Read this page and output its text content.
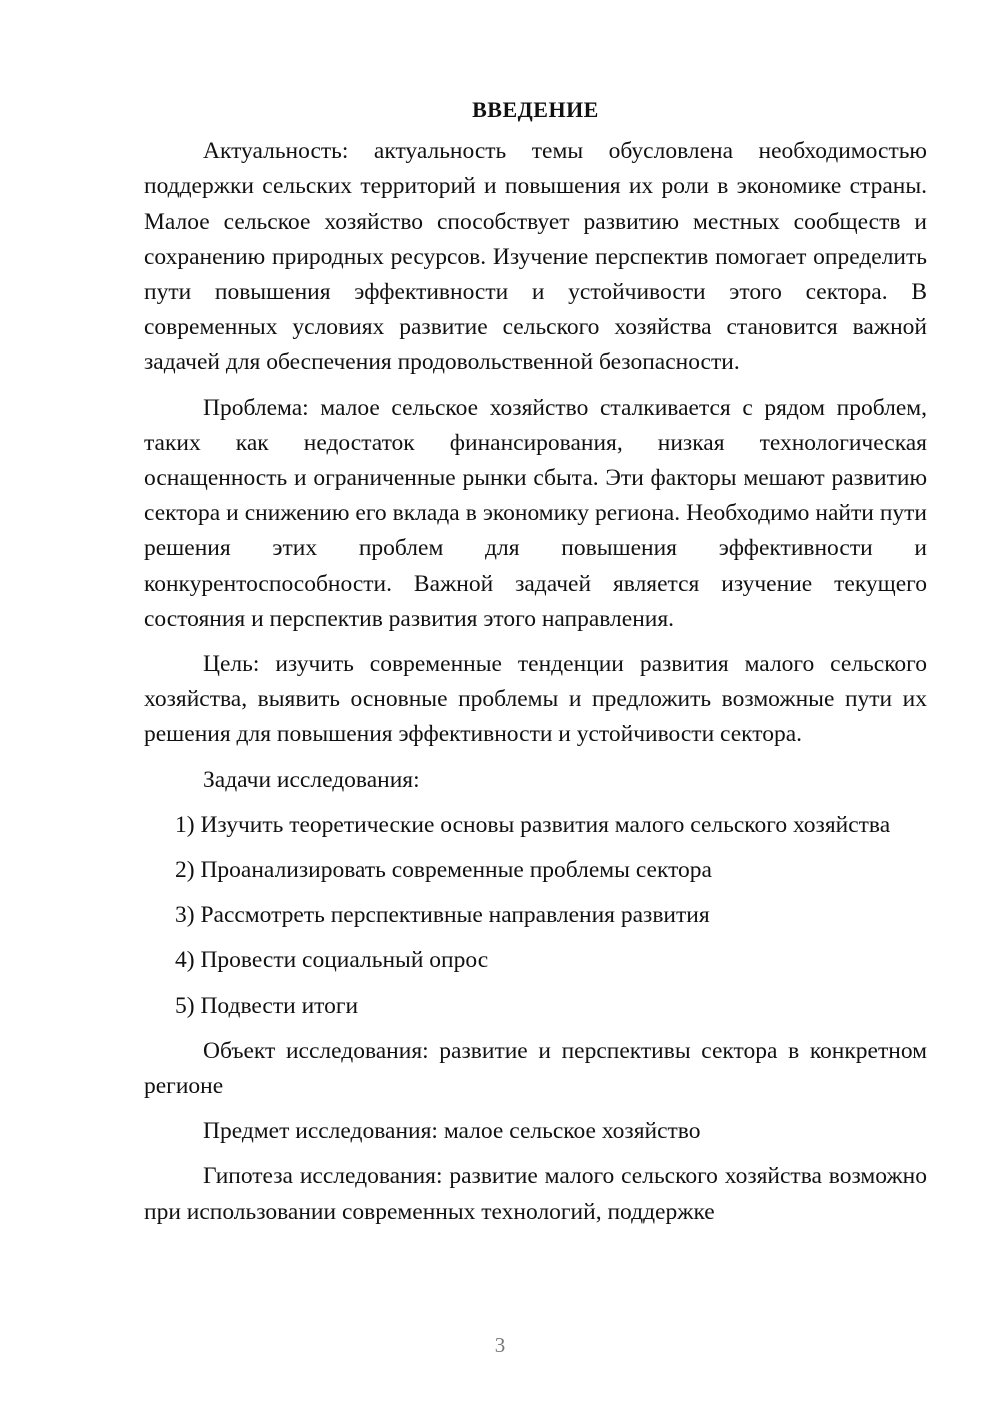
ВВЕДЕНИЕ

Актуальность: актуальность темы обусловлена необходимостью поддержки сельских территорий и повышения их роли в экономике страны. Малое сельское хозяйство способствует развитию местных сообществ и сохранению природных ресурсов. Изучение перспектив помогает определить пути повышения эффективности и устойчивости этого сектора. В современных условиях развитие сельского хозяйства становится важной задачей для обеспечения продовольственной безопасности.

Проблема: малое сельское хозяйство сталкивается с рядом проблем, таких как недостаток финансирования, низкая технологическая оснащенность и ограниченные рынки сбыта. Эти факторы мешают развитию сектора и снижению его вклада в экономику региона. Необходимо найти пути решения этих проблем для повышения эффективности и конкурентоспособности. Важной задачей является изучение текущего состояния и перспектив развития этого направления.

Цель: изучить современные тенденции развития малого сельского хозяйства, выявить основные проблемы и предложить возможные пути их решения для повышения эффективности и устойчивости сектора.

Задачи исследования:

1) Изучить теоретические основы развития малого сельского хозяйства

2) Проанализировать современные проблемы сектора

3) Рассмотреть перспективные направления развития

4) Провести социальный опрос

5) Подвести итоги

Объект исследования: развитие и перспективы сектора в конкретном регионе

Предмет исследования: малое сельское хозяйство

Гипотеза исследования: развитие малого сельского хозяйства возможно при использовании современных технологий, поддержке

3
